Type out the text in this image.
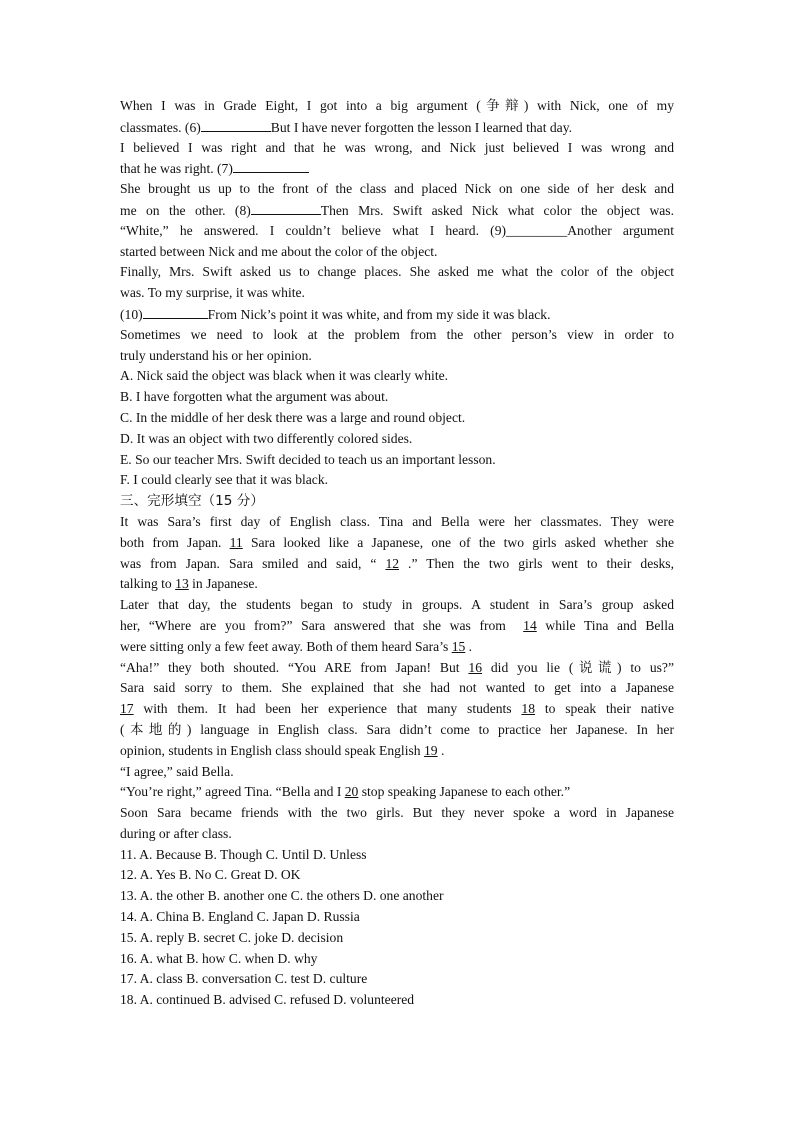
When I was in Grade Eight, I got into a big argument (争辩) with Nick, one of my
classmates. (6)	But I have never forgotten the lesson I learned that day.
I believed I was right and that he was wrong, and Nick just believed I was wrong and
that he was right. (7)
She brought us up to the front of the class and placed Nick on one side of her desk and
me on the other. (8)	Then Mrs. Swift asked Nick what color the object was.
“White,” he answered. I couldn’t believe what I heard. (9)_________Another argument
started between Nick and me about the color of the object.
Finally, Mrs. Swift asked us to change places. She asked me what the color of the object
was. To my surprise, it was white.
(10)	From Nick’s point it was white, and from my side it was black.
Sometimes we need to look at the problem from the other person’s view in order to
truly understand his or her opinion.
A. Nick said the object was black when it was clearly white.
B. I have forgotten what the argument was about.
C. In the middle of her desk there was a large and round object.
D. It was an object with two differently colored sides.
E. So our teacher Mrs. Swift decided to teach us an important lesson.
F. I could clearly see that it was black.
三、完形填空（15 分）
It was Sara’s first day of English class. Tina and Bella were her classmates. They were
both from Japan. 11 Sara looked like a Japanese, one of the two girls asked whether she
was from Japan. Sara smiled and said, “ 12 .” Then the two girls went to their desks,
talking to 13 in Japanese.
Later that day, the students began to study in groups. A student in Sara’s group asked
her, “Where are you from?” Sara answered that she was from  14 while Tina and Bella
were sitting only a few feet away. Both of them heard Sara’s 15 .
“Aha!” they both shouted. “You ARE from Japan! But 16 did you lie (说谎) to us?”
Sara said sorry to them. She explained that she had not wanted to get into a Japanese
17 with them. It had been her experience that many students 18 to speak their native
(本地的) language in English class. Sara didn’t come to practice her Japanese. In her
opinion, students in English class should speak English 19 .
“I agree,” said Bella.
“You’re right,” agreed Tina. “Bella and I 20 stop speaking Japanese to each other.”
Soon Sara became friends with the two girls. But they never spoke a word in Japanese
during or after class.
11. A. Because B. Though C. Until D. Unless
12. A. Yes B. No C. Great D. OK
13. A. the other B. another one C. the others D. one another
14. A. China B. England C. Japan D. Russia
15. A. reply B. secret C. joke D. decision
16. A. what B. how C. when D. why
17. A. class B. conversation C. test D. culture
18. A. continued B. advised C. refused D. volunteered
